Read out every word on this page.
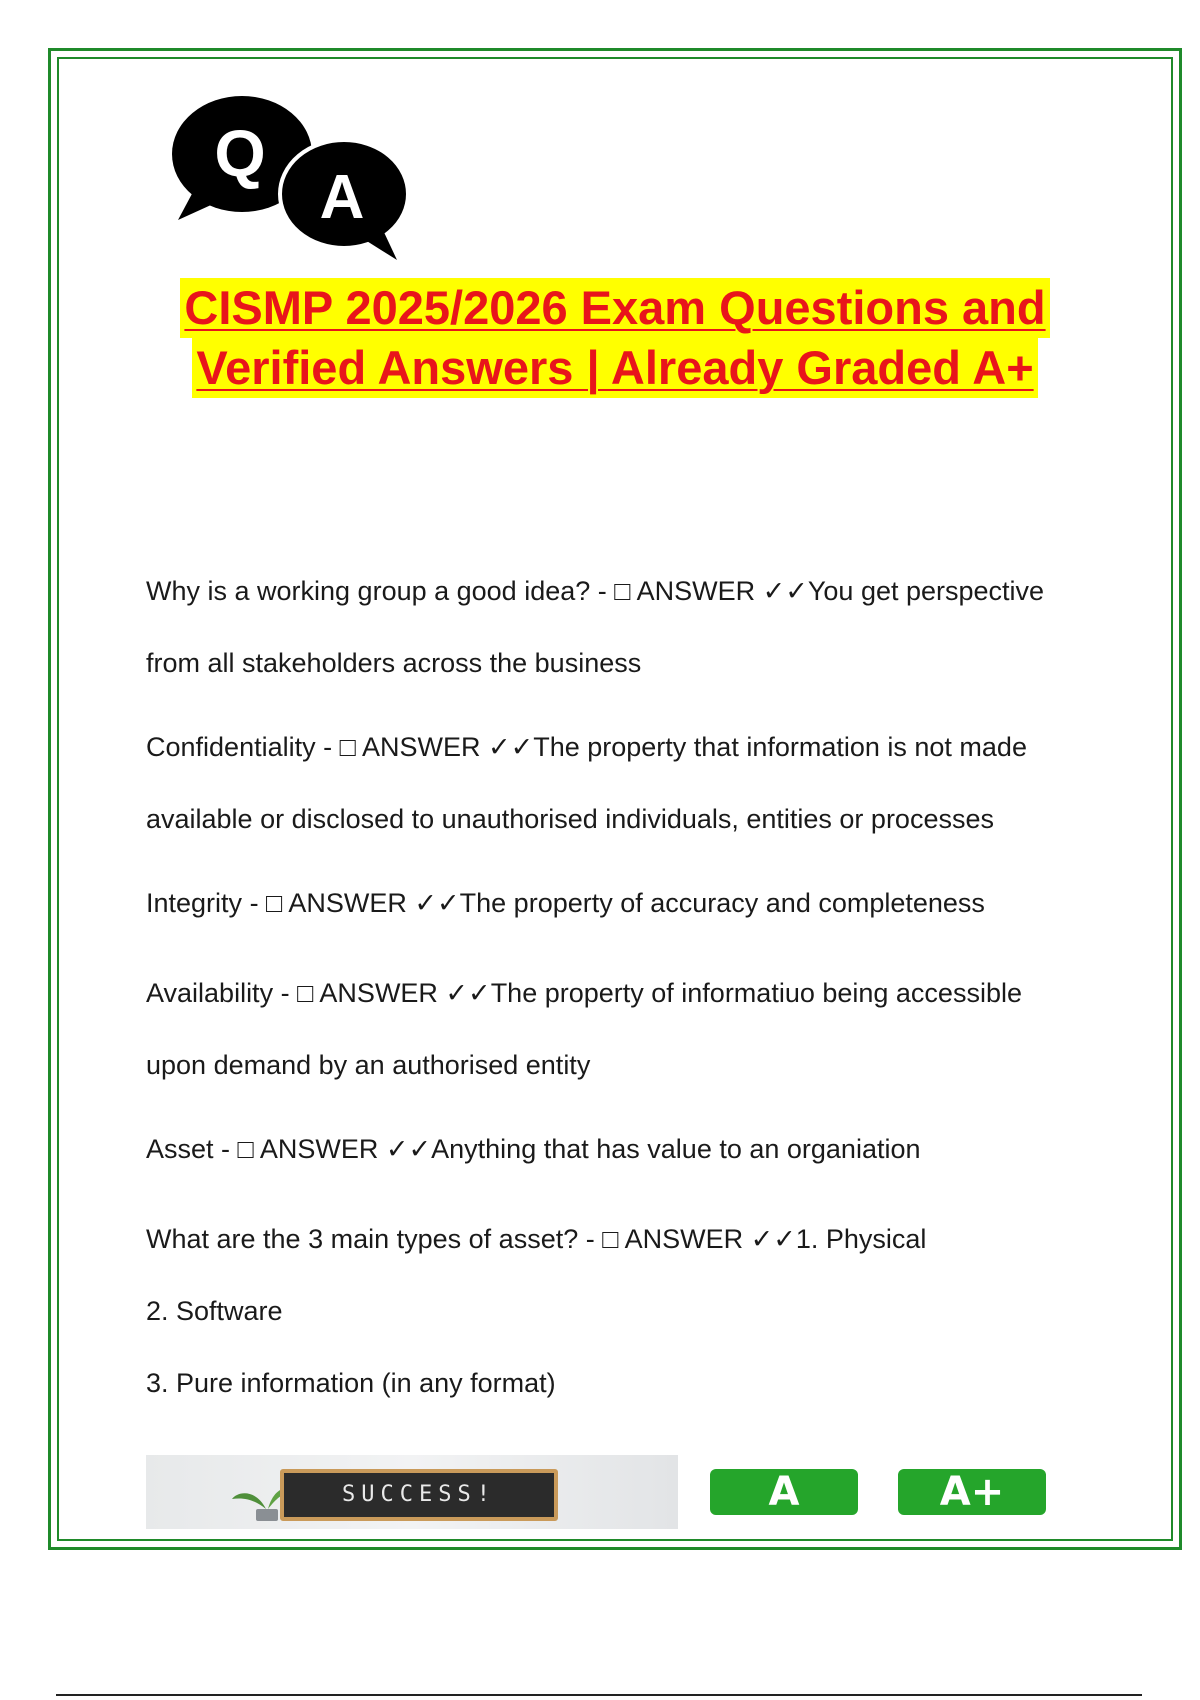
Q
A
CISMP 2025/2026 Exam Questions and
Verified Answers | Already Graded A+
Why is a working group a good idea? - □ ANSWER ✓✓You get perspective
from all stakeholders across the business
Confidentiality - □ ANSWER ✓✓The property that information is not made
available or disclosed to unauthorised individuals, entities or processes
Integrity - □ ANSWER ✓✓The property of accuracy and completeness
Availability - □ ANSWER ✓✓The property of informatiuo being accessible
upon demand by an authorised entity
Asset - □ ANSWER ✓✓Anything that has value to an organiation
What are the 3 main types of asset? - □ ANSWER ✓✓1. Physical
2. Software
3. Pure information (in any format)
SUCCESS!	A	A+
